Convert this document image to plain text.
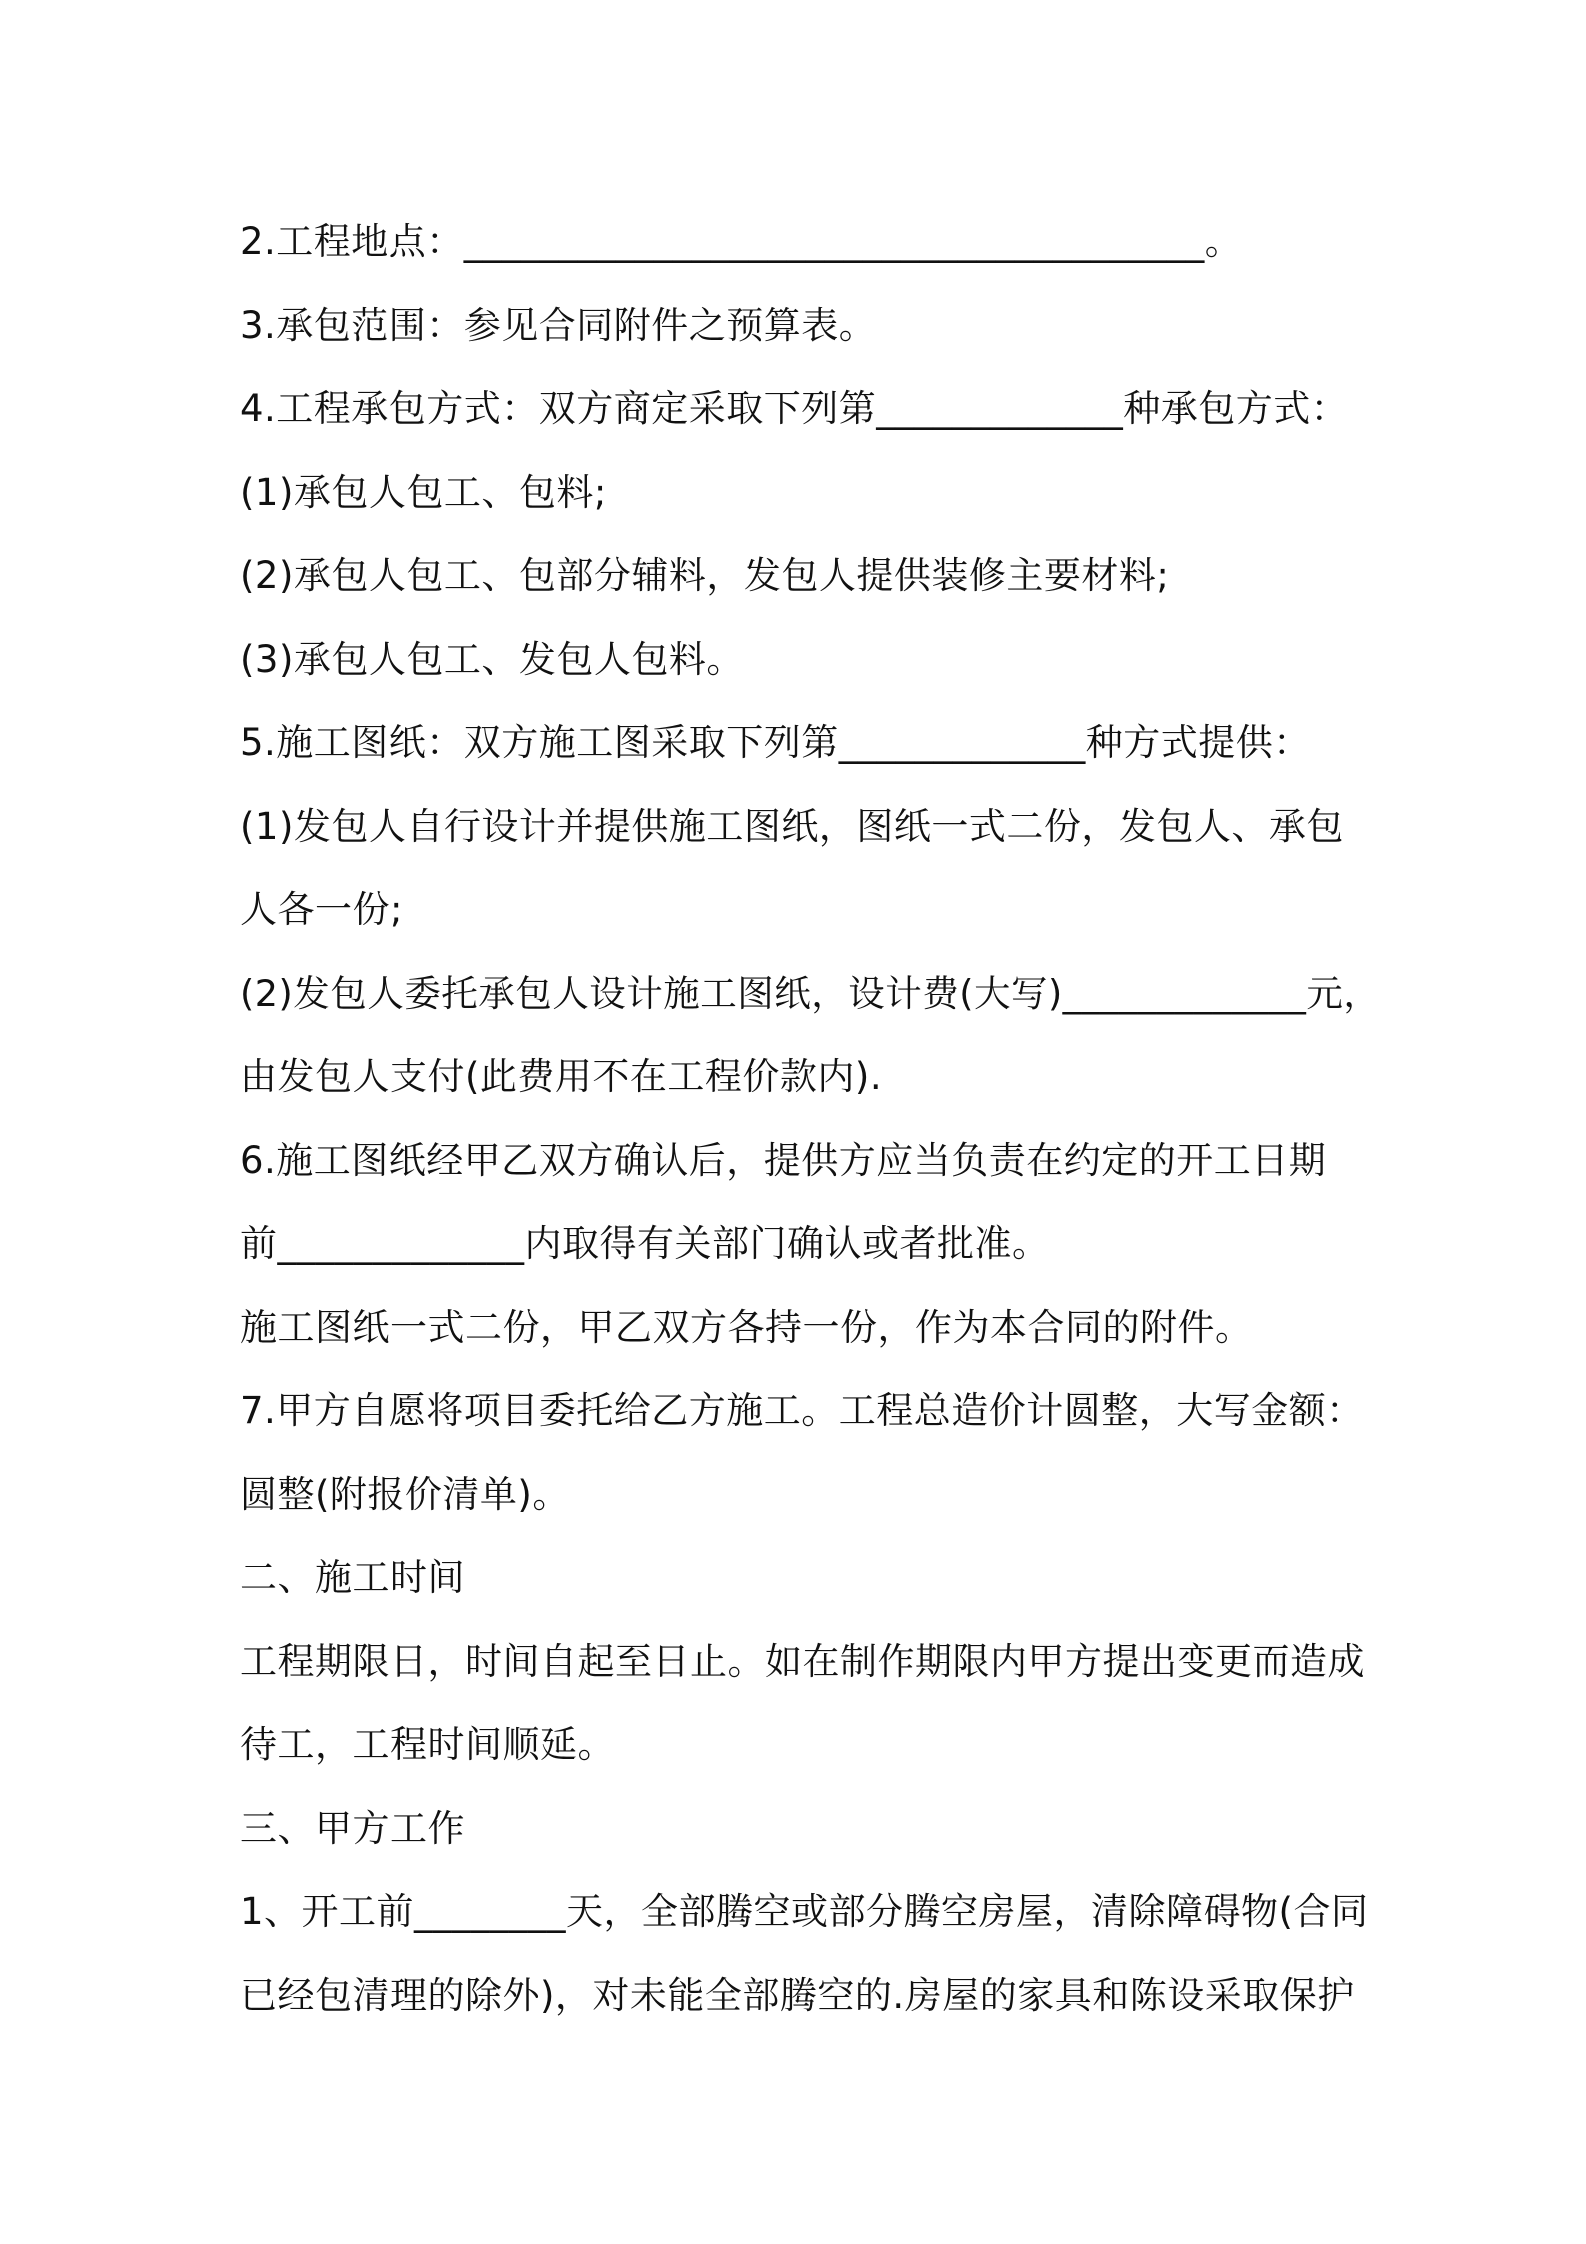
2.工程地点：_______________________________________。
3.承包范围：参见合同附件之预算表。
4.工程承包方式：双方商定采取下列第_____________种承包方式：
(1)承包人包工、包料;
(2)承包人包工、包部分辅料，发包人提供装修主要材料;
(3)承包人包工、发包人包料。
5.施工图纸：双方施工图采取下列第_____________种方式提供：
(1)发包人自行设计并提供施工图纸，图纸一式二份，发包人、承包
人各一份;
(2)发包人委托承包人设计施工图纸，设计费(大写)_____________元，
由发包人支付(此费用不在工程价款内).
6.施工图纸经甲乙双方确认后，提供方应当负责在约定的开工日期
前_____________内取得有关部门确认或者批准。
施工图纸一式二份，甲乙双方各持一份，作为本合同的附件。
7.甲方自愿将项目委托给乙方施工。工程总造价计圆整，大写金额：
圆整(附报价清单)。
二、施工时间
工程期限日，时间自起至日止。如在制作期限内甲方提出变更而造成
待工，工程时间顺延。
三、甲方工作
1、开工前________天，全部腾空或部分腾空房屋，清除障碍物(合同
已经包清理的除外)，对未能全部腾空的.房屋的家具和陈设采取保护
